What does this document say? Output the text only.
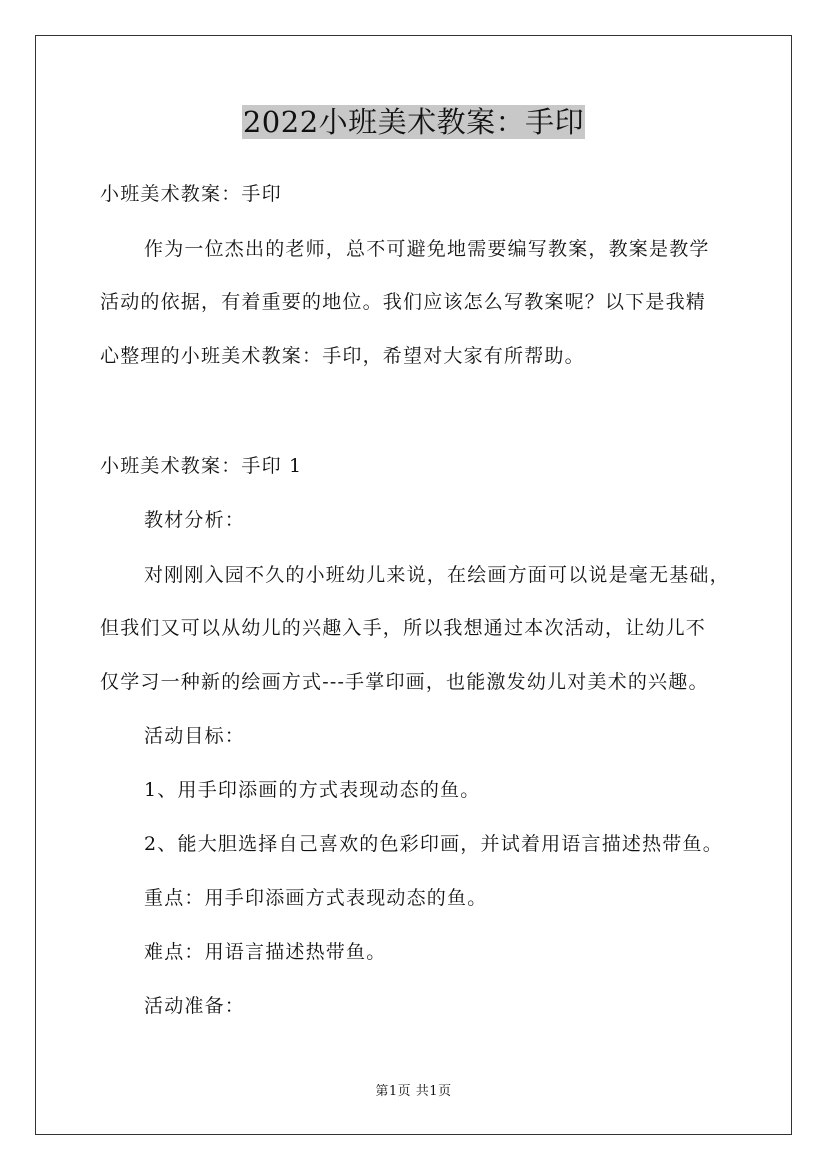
2022小班美术教案：手印

小班美术教案：手印

作为一位杰出的老师，总不可避免地需要编写教案，教案是教学

活动的依据，有着重要的地位。我们应该怎么写教案呢？以下是我精

心整理的小班美术教案：手印，希望对大家有所帮助。

小班美术教案：手印 1

教材分析：

对刚刚入园不久的小班幼儿来说，在绘画方面可以说是毫无基础，

但我们又可以从幼儿的兴趣入手，所以我想通过本次活动，让幼儿不

仅学习一种新的绘画方式---手掌印画，也能激发幼儿对美术的兴趣。

活动目标：

1、用手印添画的方式表现动态的鱼。

2、能大胆选择自己喜欢的色彩印画，并试着用语言描述热带鱼。

重点：用手印添画方式表现动态的鱼。

难点：用语言描述热带鱼。

活动准备：

第1页 共1页
